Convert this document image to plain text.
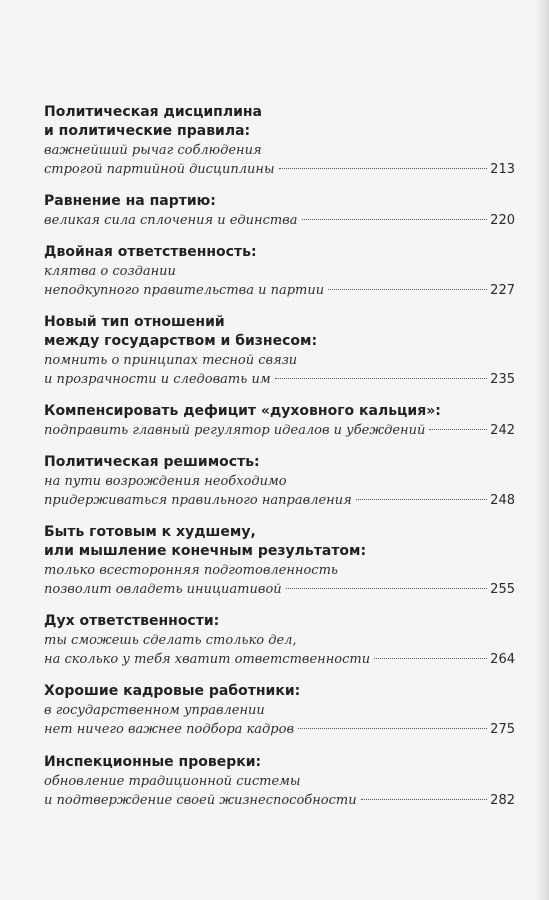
Политическая дисциплина
и политические правила:
важнейший рычаг соблюдения
строгой партийной дисциплины	213
Равнение на партию:
великая сила сплочения и единства	220
Двойная ответственность:
клятва о создании
неподкупного правительства и партии	227
Новый тип отношений
между государством и бизнесом:
помнить о принципах тесной связи
и прозрачности и следовать им	235
Компенсировать дефицит «духовного кальция»:
подправить главный регулятор идеалов и убеждений	242
Политическая решимость:
на пути возрождения необходимо
придерживаться правильного направления	248
Быть готовым к худшему,
или мышление конечным результатом:
только всесторонняя подготовленность
позволит овладеть инициативой	255
Дух ответственности:
ты сможешь сделать столько дел,
на сколько у тебя хватит ответственности	264
Хорошие кадровые работники:
в государственном управлении
нет ничего важнее подбора кадров	275
Инспекционные проверки:
обновление традиционной системы
и подтверждение своей жизнеспособности	282
